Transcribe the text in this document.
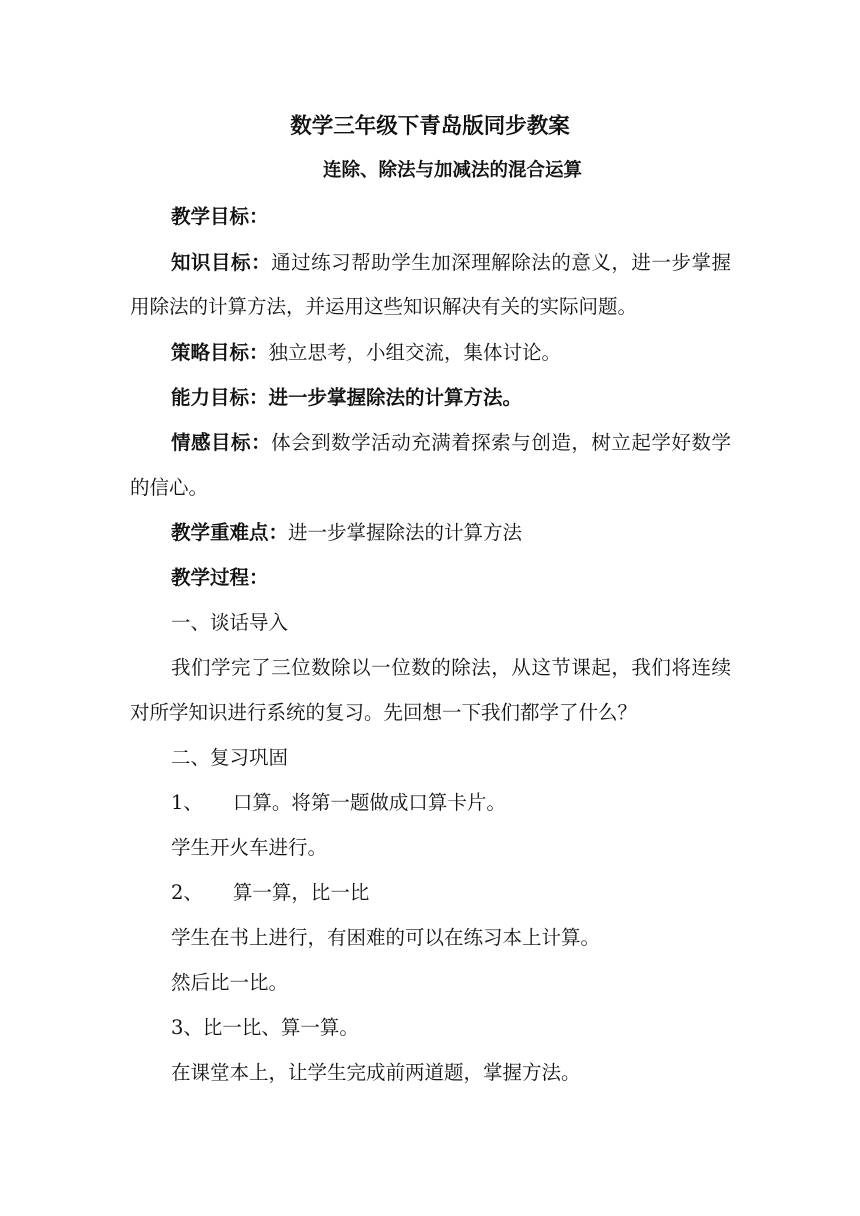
数学三年级下青岛版同步教案
连除、除法与加减法的混合运算
教学目标：
知识目标：通过练习帮助学生加深理解除法的意义，进一步掌握
用除法的计算方法，并运用这些知识解决有关的实际问题。
策略目标：独立思考，小组交流，集体讨论。
能力目标：进一步掌握除法的计算方法。
情感目标：体会到数学活动充满着探索与创造，树立起学好数学
的信心。
教学重难点：进一步掌握除法的计算方法
教学过程：
一、谈话导入
我们学完了三位数除以一位数的除法，从这节课起，我们将连续
对所学知识进行系统的复习。先回想一下我们都学了什么？
二、复习巩固
1、 口算。将第一题做成口算卡片。
学生开火车进行。
2、 算一算，比一比
学生在书上进行，有困难的可以在练习本上计算。
然后比一比。
3、比一比、算一算。
在课堂本上，让学生完成前两道题，掌握方法。
